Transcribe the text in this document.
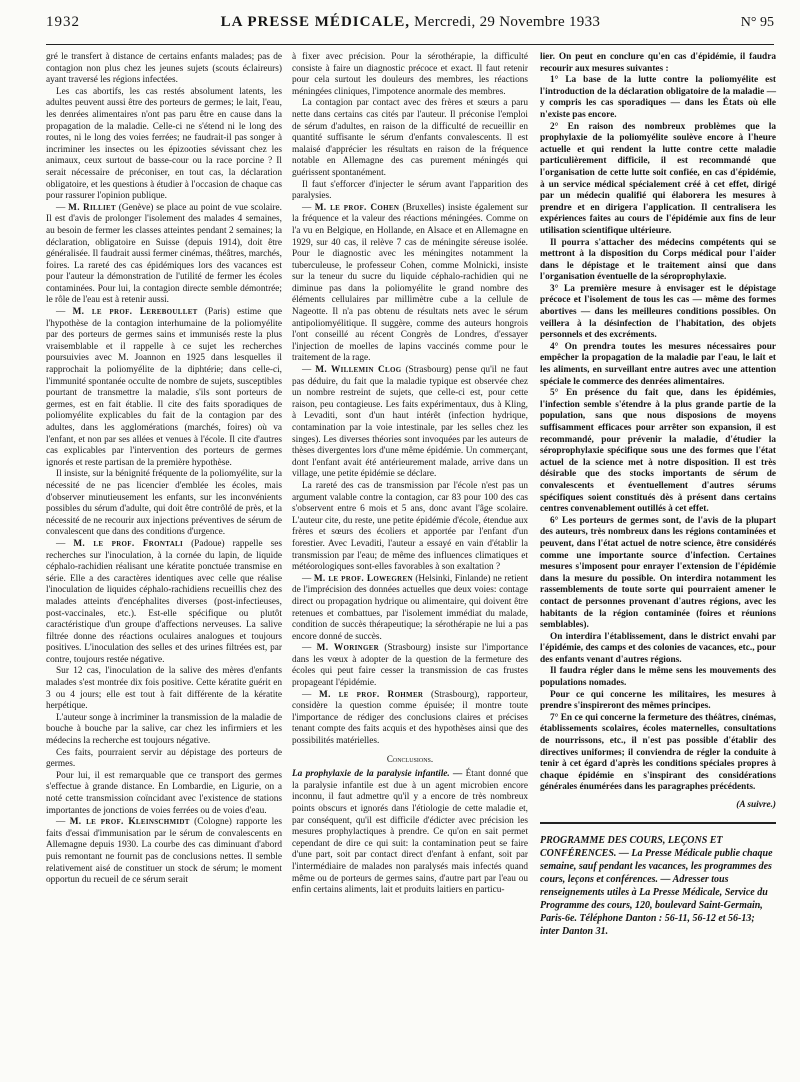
1932	LA PRESSE MÉDICALE, Mercredi, 29 Novembre 1933	N° 95

gré le transfert à distance de certains enfants malades; pas de contagion non plus chez les jeunes sujets (scouts éclaireurs) ayant traversé les régions infectées.

Les cas abortifs, les cas restés absolument latents, les adultes peuvent aussi être des porteurs de germes; le lait, l'eau, les denrées alimentaires n'ont pas paru être en cause dans la propagation de la maladie. Celle-ci ne s'étend ni le long des routes, ni le long des voies ferrées; ne faudrait-il pas songer à incriminer les insectes ou les épizooties sévissant chez les animaux, ceux surtout de basse-cour ou la race porcine ? Il serait nécessaire de préconiser, en tout cas, la déclaration obligatoire, et les questions à étudier à l'occasion de chaque cas pour rassurer l'opinion publique.

— M. Rilliet (Genève) se place au point de vue scolaire. Il est d'avis de prolonger l'isolement des malades 4 semaines, au besoin de fermer les classes atteintes pendant 2 semaines; la déclaration, obligatoire en Suisse (depuis 1914), doit être généralisée. Il faudrait aussi fermer cinémas, théâtres, marchés, foires. La rareté des cas épidémiques lors des vacances est pour l'auteur la démonstration de l'utilité de fermer les écoles contaminées. Pour lui, la contagion directe semble démontrée; le rôle de l'eau est à retenir aussi.

— M. le prof. Lereboullet (Paris) estime que l'hypothèse de la contagion interhumaine de la poliomyélite par des porteurs de germes sains et immunisés reste la plus vraisemblable et il rappelle à ce sujet les recherches poursuivies avec M. Joannon en 1925 dans lesquelles il rapprochait la poliomyélite de la diphtérie; dans celle-ci, l'immunité spontanée occulte de nombre de sujets, susceptibles pourtant de transmettre la maladie, s'ils sont porteurs de germes, est en fait établie. Il cite des faits sporadiques de poliomyélite explicables du fait de la contagion par des adultes, dans les agglomérations (marchés, foires) où va l'enfant, et non par ses allées et venues à l'école. Il cite d'autres cas explicables par l'intervention des porteurs de germes ignorés et reste partisan de la première hypothèse.

Il insiste, sur la bénignité fréquente de la poliomyélite, sur la nécessité de ne pas licencier d'emblée les écoles, mais d'observer minutieusement les enfants, sur les inconvénients possibles du sérum d'adulte, qui doit être contrôlé de près, et la nécessité de ne recourir aux injections préventives de sérum de convalescent que dans des conditions d'urgence.

— M. le prof. Frontali (Padoue) rappelle ses recherches sur l'inoculation, à la cornée du lapin, de liquide céphalo-rachidien réalisant une kératite ponctuée transmise en série. Elle a des caractères identiques avec celle que réalise l'inoculation de liquides céphalo-rachidiens recueillis chez des malades atteints d'encéphalites diverses (post-infectieuses, post-vaccinales, etc.). Est-elle spécifique ou plutôt caractéristique d'un groupe d'affections nerveuses. La salive filtrée donne des réactions oculaires analogues et toujours positives. L'inoculation des selles et des urines filtrées est, par contre, toujours restée négative.

Sur 12 cas, l'inoculation de la salive des mères d'enfants malades s'est montrée dix fois positive. Cette kératite guérit en 3 ou 4 jours; elle est tout à fait différente de la kératite herpétique.

L'auteur songe à incriminer la transmission de la maladie de bouche à bouche par la salive, car chez les infirmiers et les médecins la recherche est toujours négative.

Ces faits, pourraient servir au dépistage des porteurs de germes.

Pour lui, il est remarquable que ce transport des germes s'effectue à grande distance. En Lombardie, en Ligurie, on a noté cette transmission coïncidant avec l'existence de stations importantes de jonctions de voies ferrées ou de voies d'eau.

— M. le prof. Kleinschmidt (Cologne) rapporte les faits d'essai d'immunisation par le sérum de convalescents en Allemagne depuis 1930. La courbe des cas diminuant d'abord puis remontant ne fournit pas de conclusions nettes. Il semble relativement aisé de constituer un stock de sérum; le moment opportun du recueil de ce sérum serait

à fixer avec précision. Pour la sérothérapie, la difficulté consiste à faire un diagnostic précoce et exact. Il faut retenir pour cela surtout les douleurs des membres, les réactions méningées cliniques, l'impotence anormale des membres.

La contagion par contact avec des frères et sœurs a paru nette dans certains cas cités par l'auteur. Il préconise l'emploi de sérum d'adultes, en raison de la difficulté de recueillir en quantité suffisante le sérum d'enfants convalescents. Il est malaisé d'apprécier les résultats en raison de la fréquence notable en Allemagne des cas purement méningés qui guérissent spontanément.

Il faut s'efforcer d'injecter le sérum avant l'apparition des paralysies.

— M. le prof. Cohen (Bruxelles) insiste également sur la fréquence et la valeur des réactions méningées. Comme on l'a vu en Belgique, en Hollande, en Alsace et en Allemagne en 1929, sur 40 cas, il relève 7 cas de méningite séreuse isolée. Pour le diagnostic avec les méningites notamment la tuberculeuse, le professeur Cohen, comme Molnicki, insiste sur la teneur du sucre du liquide céphalo-rachidien qui ne diminue pas dans la poliomyélite le grand nombre des éléments cellulaires par millimètre cube a la cellule de Nageotte. Il n'a pas obtenu de résultats nets avec le sérum antipoliomyélitique. Il suggère, comme des auteurs hongrois l'ont conseillé au récent Congrès de Londres, d'essayer l'injection de moelles de lapins vaccinés comme pour le traitement de la rage.

— M. Willemin Clog (Strasbourg) pense qu'il ne faut pas déduire, du fait que la maladie typique est observée chez un nombre restreint de sujets, que celle-ci est, pour cette raison, peu contagieuse. Les faits expérimentaux, dus à Kling, à Levaditi, sont d'un haut intérêt (infection hydrique, contamination par la voie intestinale, par les selles chez les singes). Les diverses théories sont invoquées par les auteurs de thèses divergentes lors d'une même épidémie. Un commerçant, dont l'enfant avait été antérieurement malade, arrive dans un village, une petite épidémie se déclare.

La rareté des cas de transmission par l'école n'est pas un argument valable contre la contagion, car 83 pour 100 des cas s'observent entre 6 mois et 5 ans, donc avant l'âge scolaire. L'auteur cite, du reste, une petite épidémie d'école, étendue aux frères et sœurs des écoliers et apportée par l'enfant d'un forestier. Avec Levaditi, l'auteur a essayé en vain d'établir la transmission par l'eau; de même des influences climatiques et météorologiques sont-elles favorables à son exaltation ?

— M. le prof. Lowegren (Helsinki, Finlande) ne retient de l'imprécision des données actuelles que deux voies: contage direct ou propagation hydrique ou alimentaire, qui doivent être retenues et combattues, par l'isolement immédiat du malade, condition de succès thérapeutique; la sérothérapie ne lui a pas encore donné de succès.

— M. Woringer (Strasbourg) insiste sur l'importance dans les vœux à adopter de la question de la fermeture des écoles qui peut faire cesser la transmission de cas frustes propageant l'épidémie.

— M. le prof. Rohmer (Strasbourg), rapporteur, considère la question comme épuisée; il montre toute l'importance de rédiger des conclusions claires et précises tenant compte des faits acquis et des hypothèses ainsi que des possibilités matérielles.

Conclusions.

La prophylaxie de la paralysie infantile. — Étant donné que la paralysie infantile est due à un agent microbien encore inconnu, il faut admettre qu'il y a encore de très nombreux points obscurs et ignorés dans l'étiologie de cette maladie et, par conséquent, qu'il est difficile d'édicter avec précision les mesures prophylactiques à prendre. Ce qu'on en sait permet cependant de dire ce qui suit: la contamination peut se faire d'une part, soit par contact direct d'enfant à enfant, soit par l'intermédiaire de malades non paralysés mais infectés quand même ou de porteurs de germes sains, d'autre part par l'eau ou enfin certains aliments, lait et produits laitiers en particu-

lier. On peut en conclure qu'en cas d'épidémie, il faudra recourir aux mesures suivantes :

1° La base de la lutte contre la poliomyélite est l'introduction de la déclaration obligatoire de la maladie — y compris les cas sporadiques — dans les États où elle n'existe pas encore.

2° En raison des nombreux problèmes que la prophylaxie de la poliomyélite soulève encore à l'heure actuelle et qui rendent la lutte contre cette maladie particulièrement difficile, il est recommandé que l'organisation de cette lutte soit confiée, en cas d'épidémie, à un service médical spécialement créé à cet effet, dirigé par un médecin qualifié qui élaborera les mesures à prendre et en dirigera l'application. Il centralisera les expériences faites au cours de l'épidémie aux fins de leur utilisation scientifique ultérieure.

Il pourra s'attacher des médecins compétents qui se mettront à la disposition du Corps médical pour l'aider dans le dépistage et le traitement ainsi que dans l'organisation éventuelle de la séroprophylaxie.

3° La première mesure à envisager est le dépistage précoce et l'isolement de tous les cas — même des formes abortives — dans les meilleures conditions possibles. On veillera à la désinfection de l'habitation, des objets personnels et des excréments.

4° On prendra toutes les mesures nécessaires pour empêcher la propagation de la maladie par l'eau, le lait et les aliments, en surveillant entre autres avec une attention spéciale le commerce des denrées alimentaires.

5° En présence du fait que, dans les épidémies, l'infection semble s'étendre à la plus grande partie de la population, sans que nous disposions de moyens suffisamment efficaces pour arrêter son expansion, il est recommandé, pour prévenir la maladie, d'étudier la séroprophylaxie spécifique sous une des formes que l'état actuel de la science met à notre disposition. Il est très désirable que des stocks importants de sérum de convalescents et éventuellement d'autres sérums spécifiques soient constitués dès à présent dans certains centres convenablement outillés à cet effet.

6° Les porteurs de germes sont, de l'avis de la plupart des auteurs, très nombreux dans les régions contaminées et peuvent, dans l'état actuel de notre science, être considérés comme une importante source d'infection. Certaines mesures s'imposent pour enrayer l'extension de l'épidémie dans la mesure du possible. On interdira notamment les rassemblements de toute sorte qui pourraient amener le contact de personnes provenant d'autres régions, avec les habitants de la région contaminée (foires et réunions semblables).

On interdira l'établissement, dans le district envahi par l'épidémie, des camps et des colonies de vacances, etc., pour des enfants venant d'autres régions.

Il faudra régler dans le même sens les mouvements des populations nomades.

Pour ce qui concerne les militaires, les mesures à prendre s'inspireront des mêmes principes.

7° En ce qui concerne la fermeture des théâtres, cinémas, établissements scolaires, écoles maternelles, consultations de nourrissons, etc., il n'est pas possible d'établir des directives uniformes; il conviendra de régler la conduite à tenir à cet égard d'après les conditions spéciales propres à chaque épidémie en s'inspirant des considérations générales énumérées dans les paragraphes précédents.

(A suivre.)
PROGRAMME DES COURS, LEÇONS ET CONFÉRENCES. — La Presse Médicale publie chaque semaine, sauf pendant les vacances, les programmes des cours, leçons et conférences. — Adresser tous renseignements utiles à La Presse Médicale, Service du Programme des cours, 120, boulevard Saint-Germain, Paris-6e. Téléphone Danton : 56-11, 56-12 et 56-13; inter Danton 31.
